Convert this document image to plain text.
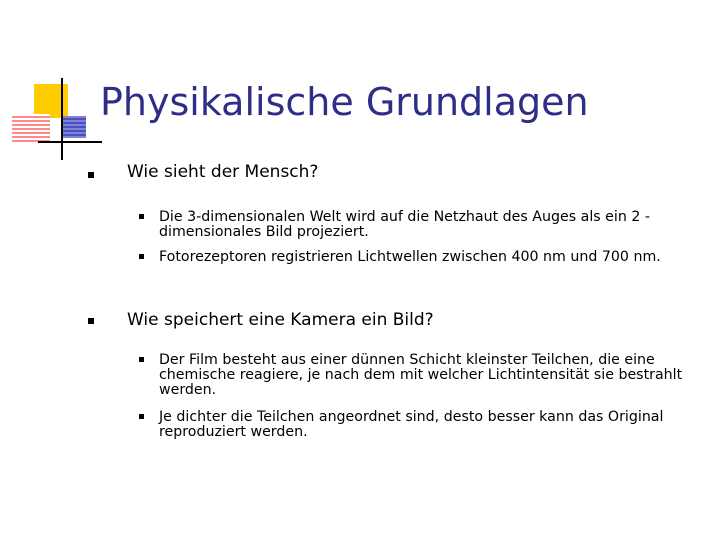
Physikalische Grundlagen
Wie sieht der Mensch?
Die 3-dimensionalen Welt wird auf die Netzhaut des Auges als ein 2 -dimensionales Bild projeziert.
Fotorezeptoren registrieren Lichtwellen zwischen 400 nm und 700 nm.
Wie speichert eine Kamera ein Bild?
Der Film besteht aus einer dünnen Schicht kleinster Teilchen, die eine chemische reagiere, je nach dem mit welcher Lichtintensität sie bestrahlt werden.
Je dichter die Teilchen angeordnet sind, desto besser kann das Original reproduziert werden.
